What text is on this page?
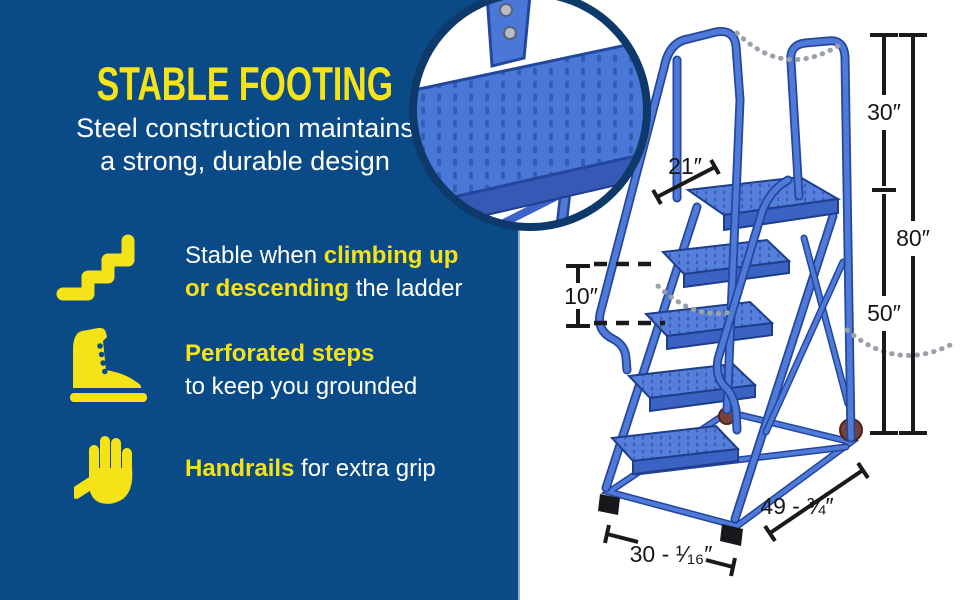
STABLE FOOTING
Steel construction maintains
a strong, durable design
Stable when climbing up
or descending the ladder
Perforated steps
to keep you grounded
Handrails for extra grip
21″
10″
30″
50″
80″
30 - ¹⁄₁₆″
49 - ¾″
